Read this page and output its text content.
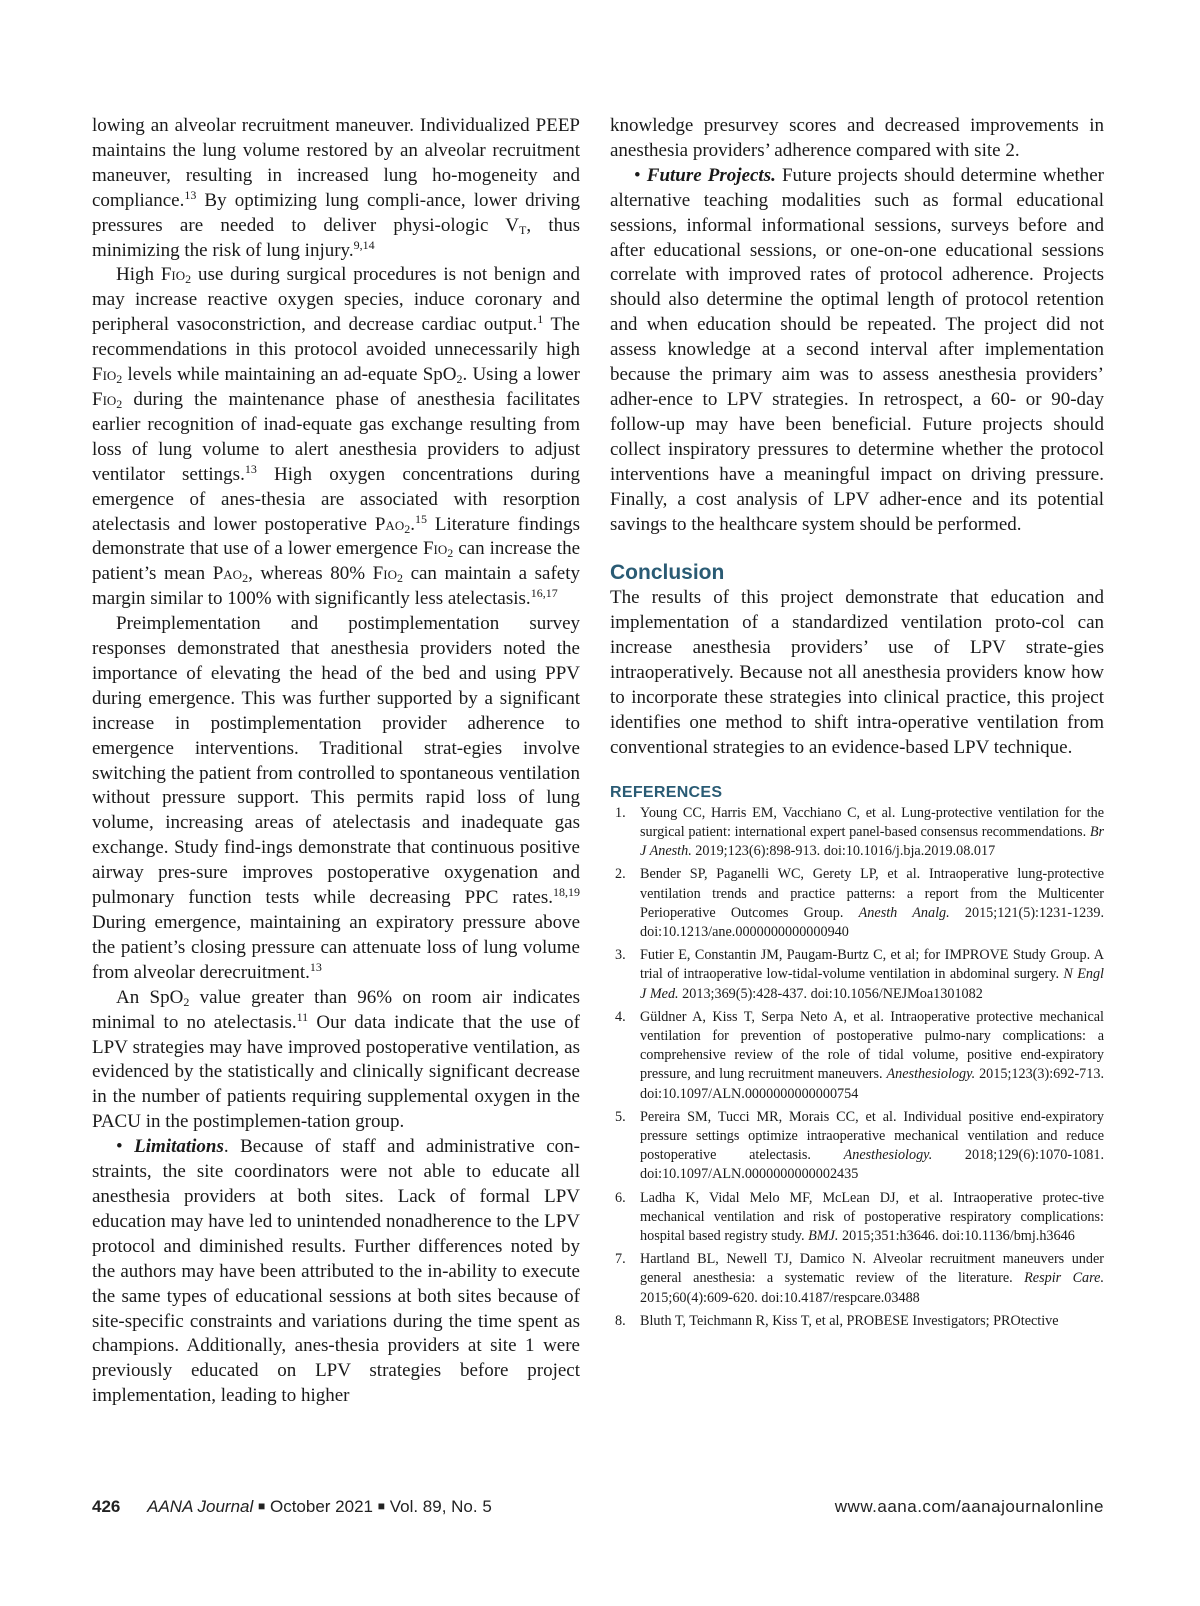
lowing an alveolar recruitment maneuver. Individualized PEEP maintains the lung volume restored by an alveolar recruitment maneuver, resulting in increased lung ho-mogeneity and compliance.$^{13}$ By optimizing lung compli-ance, lower driving pressures are needed to deliver physi-ologic $V_T$, thus minimizing the risk of lung injury.$^{9,14}$

High Fio$_2$ use during surgical procedures is not benign and may increase reactive oxygen species, induce coronary and peripheral vasoconstriction, and decrease cardiac output.$^1$ The recommendations in this protocol avoided unnecessarily high Fio$_2$ levels while maintaining an ad-equate SpO$_2$. Using a lower Fio$_2$ during the maintenance phase of anesthesia facilitates earlier recognition of inad-equate gas exchange resulting from loss of lung volume to alert anesthesia providers to adjust ventilator settings.$^{13}$ High oxygen concentrations during emergence of anes-thesia are associated with resorption atelectasis and lower postoperative Pao$_2$.$^{15}$ Literature findings demonstrate that use of a lower emergence Fio$_2$ can increase the patient’s mean Pao$_2$, whereas 80% Fio$_2$ can maintain a safety margin similar to 100% with significantly less atelectasis.$^{16,17}$

Preimplementation and postimplementation survey responses demonstrated that anesthesia providers noted the importance of elevating the head of the bed and using PPV during emergence. This was further supported by a significant increase in postimplementation provider adherence to emergence interventions. Traditional strat-egies involve switching the patient from controlled to spontaneous ventilation without pressure support. This permits rapid loss of lung volume, increasing areas of atelectasis and inadequate gas exchange. Study find-ings demonstrate that continuous positive airway pres-sure improves postoperative oxygenation and pulmonary function tests while decreasing PPC rates.$^{18,19}$ During emergence, maintaining an expiratory pressure above the patient’s closing pressure can attenuate loss of lung volume from alveolar derecruitment.$^{13}$

An SpO$_2$ value greater than 96% on room air indicates minimal to no atelectasis.$^{11}$ Our data indicate that the use of LPV strategies may have improved postoperative ventilation, as evidenced by the statistically and clinically significant decrease in the number of patients requiring supplemental oxygen in the PACU in the postimplemen-tation group.

• Limitations. Because of staff and administrative con-straints, the site coordinators were not able to educate all anesthesia providers at both sites. Lack of formal LPV education may have led to unintended nonadherence to the LPV protocol and diminished results. Further differences noted by the authors may have been attributed to the in-ability to execute the same types of educational sessions at both sites because of site-specific constraints and variations during the time spent as champions. Additionally, anes-thesia providers at site 1 were previously educated on LPV strategies before project implementation, leading to higher

knowledge presurvey scores and decreased improvements in anesthesia providers’ adherence compared with site 2.

• Future Projects. Future projects should determine whether alternative teaching modalities such as formal educational sessions, informal informational sessions, surveys before and after educational sessions, or one-on-one educational sessions correlate with improved rates of protocol adherence. Projects should also determine the optimal length of protocol retention and when education should be repeated. The project did not assess knowledge at a second interval after implementation because the primary aim was to assess anesthesia providers’ adher-ence to LPV strategies. In retrospect, a 60- or 90-day follow-up may have been beneficial. Future projects should collect inspiratory pressures to determine whether the protocol interventions have a meaningful impact on driving pressure. Finally, a cost analysis of LPV adher-ence and its potential savings to the healthcare system should be performed.

Conclusion

The results of this project demonstrate that education and implementation of a standardized ventilation proto-col can increase anesthesia providers’ use of LPV strate-gies intraoperatively. Because not all anesthesia providers know how to incorporate these strategies into clinical practice, this project identifies one method to shift intra-operative ventilation from conventional strategies to an evidence-based LPV technique.

REFERENCES
1. Young CC, Harris EM, Vacchiano C, et al. Lung-protective ventilation for the surgical patient: international expert panel-based consensus recommendations. Br J Anesth. 2019;123(6):898-913. doi:10.1016/j.bja.2019.08.017
2. Bender SP, Paganelli WC, Gerety LP, et al. Intraoperative lung-protective ventilation trends and practice patterns: a report from the Multicenter Perioperative Outcomes Group. Anesth Analg. 2015;121(5):1231-1239. doi:10.1213/ane.0000000000000940
3. Futier E, Constantin JM, Paugam-Burtz C, et al; for IMPROVE Study Group. A trial of intraoperative low-tidal-volume ventilation in abdominal surgery. N Engl J Med. 2013;369(5):428-437. doi:10.1056/NEJMoa1301082
4. Güldner A, Kiss T, Serpa Neto A, et al. Intraoperative protective mechanical ventilation for prevention of postoperative pulmo-nary complications: a comprehensive review of the role of tidal volume, positive end-expiratory pressure, and lung recruitment maneuvers. Anesthesiology. 2015;123(3):692-713. doi:10.1097/ALN.0000000000000754
5. Pereira SM, Tucci MR, Morais CC, et al. Individual positive end-expiratory pressure settings optimize intraoperative mechanical ventilation and reduce postoperative atelectasis. Anesthesiology. 2018;129(6):1070-1081. doi:10.1097/ALN.0000000000002435
6. Ladha K, Vidal Melo MF, McLean DJ, et al. Intraoperative protec-tive mechanical ventilation and risk of postoperative respiratory complications: hospital based registry study. BMJ. 2015;351:h3646. doi:10.1136/bmj.h3646
7. Hartland BL, Newell TJ, Damico N. Alveolar recruitment maneuvers under general anesthesia: a systematic review of the literature. Respir Care. 2015;60(4):609-620. doi:10.4187/respcare.03488
8. Bluth T, Teichmann R, Kiss T, et al, PROBESE Investigators; PROtective
426 AANA Journal ■ October 2021 ■ Vol. 89, No. 5	www.aana.com/aanajournalonline
